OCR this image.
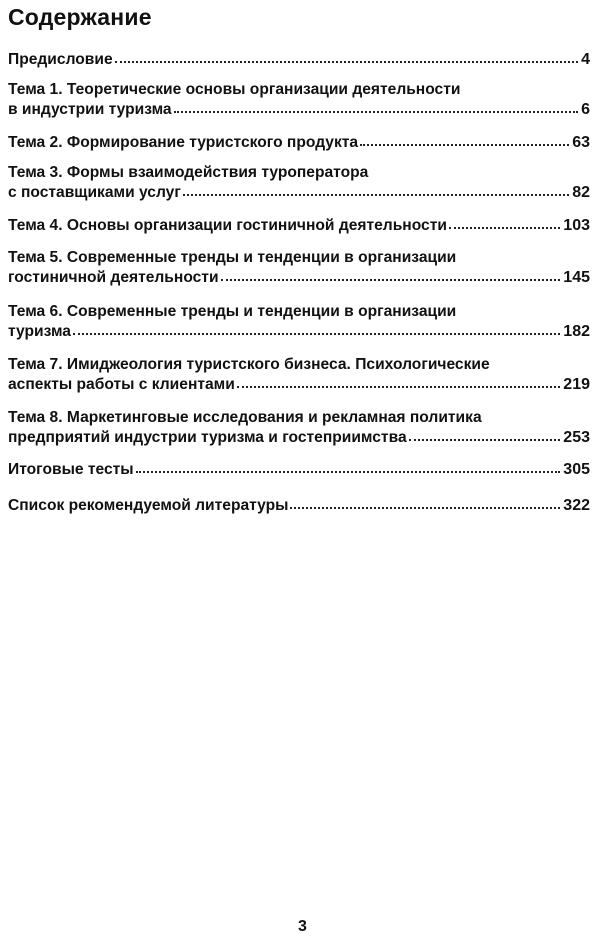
Содержание
Предисловие	4
Тема 1. Теоретические основы организации деятельности
в индустрии туризма	6
Тема 2. Формирование туристского продукта	63
Тема 3. Формы взаимодействия туроператора
с поставщиками услуг	82
Тема 4. Основы организации гостиничной деятельности	103
Тема 5. Современные тренды и тенденции в организации
гостиничной деятельности	145
Тема 6. Современные тренды и тенденции в организации
туризма	182
Тема 7. Имиджеология туристского бизнеса. Психологические
аспекты работы с клиентами	219
Тема 8. Маркетинговые исследования и рекламная политика
предприятий индустрии туризма и гостеприимства	253
Итоговые тесты	305
Список рекомендуемой литературы	322
3
